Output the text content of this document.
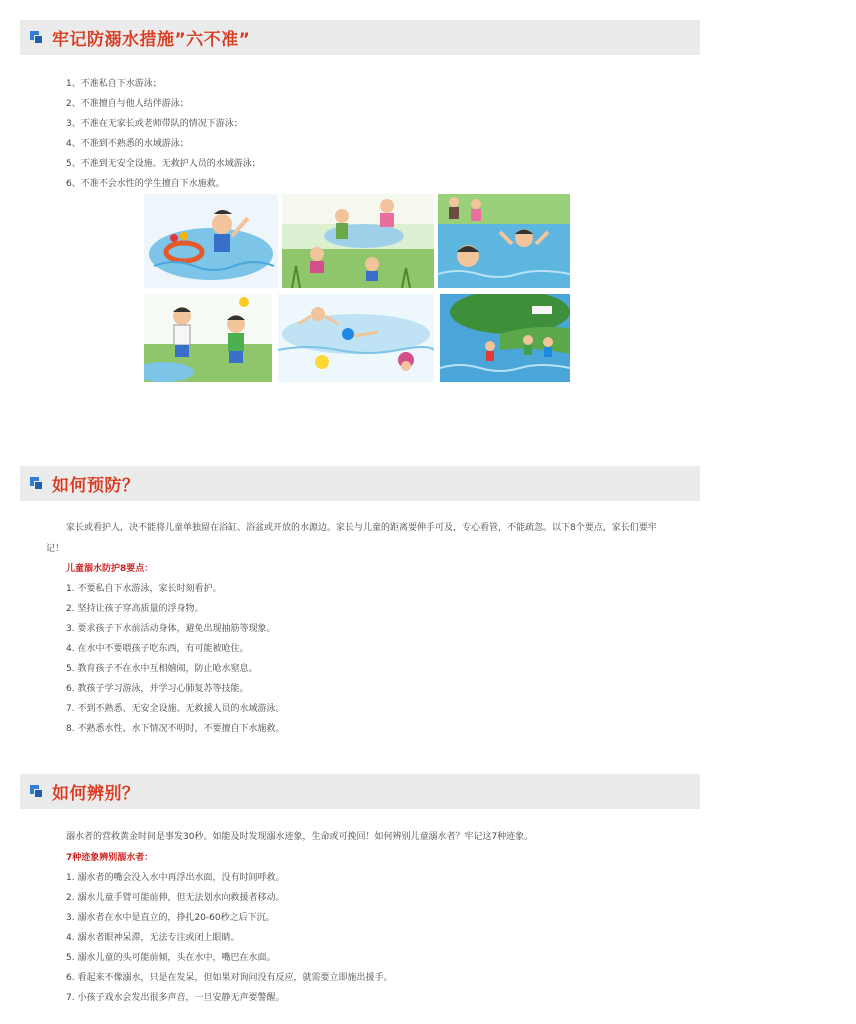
牢记防溺水措施”六不准”
1、不准私自下水游泳；
2、不准擅自与他人结伴游泳；
3、不准在无家长或老师带队的情况下游泳；
4、不准到不熟悉的水域游泳；
5、不准到无安全设施、无救护人员的水域游泳；
6、不准不会水性的学生擅自下水施救。
如何预防？
家长或看护人，决不能将儿童单独留在浴缸、浴盆或开放的水源边。家长与儿童的距离要伸手可及，专心看管，不能疏忽。以下8个要点，家长们要牢记！
儿童溺水防护8要点：
1. 不要私自下水游泳，家长时刻看护。
2. 坚持让孩子穿高质量的浮身物。
3. 要求孩子下水前活动身体，避免出现抽筋等现象。
4. 在水中不要喂孩子吃东西，有可能被呛住。
5. 教育孩子不在水中互相嬉闹，防止呛水窒息。
6. 教孩子学习游泳，并学习心肺复苏等技能。
7. 不到不熟悉、无安全设施、无救援人员的水域游泳。
8. 不熟悉水性、水下情况不明时，不要擅自下水施救。
如何辨别？
溺水者的营救黄金时间是事发30秒。如能及时发现溺水迹象，生命或可挽回！如何辨别儿童溺水者？牢记这7种迹象。
7种迹象辨别溺水者：
1. 溺水者的嘴会没入水中再浮出水面，没有时间呼救。
2. 溺水儿童手臂可能前伸，但无法划水向救援者移动。
3. 溺水者在水中是直立的，挣扎20-60秒之后下沉。
4. 溺水者眼神呆滞，无法专注或闭上眼睛。
5. 溺水儿童的头可能前倾，头在水中，嘴巴在水面。
6. 看起来不像溺水，只是在发呆，但如果对询问没有反应，就需要立即施出援手。
7. 小孩子戏水会发出很多声音，一旦安静无声要警醒。
